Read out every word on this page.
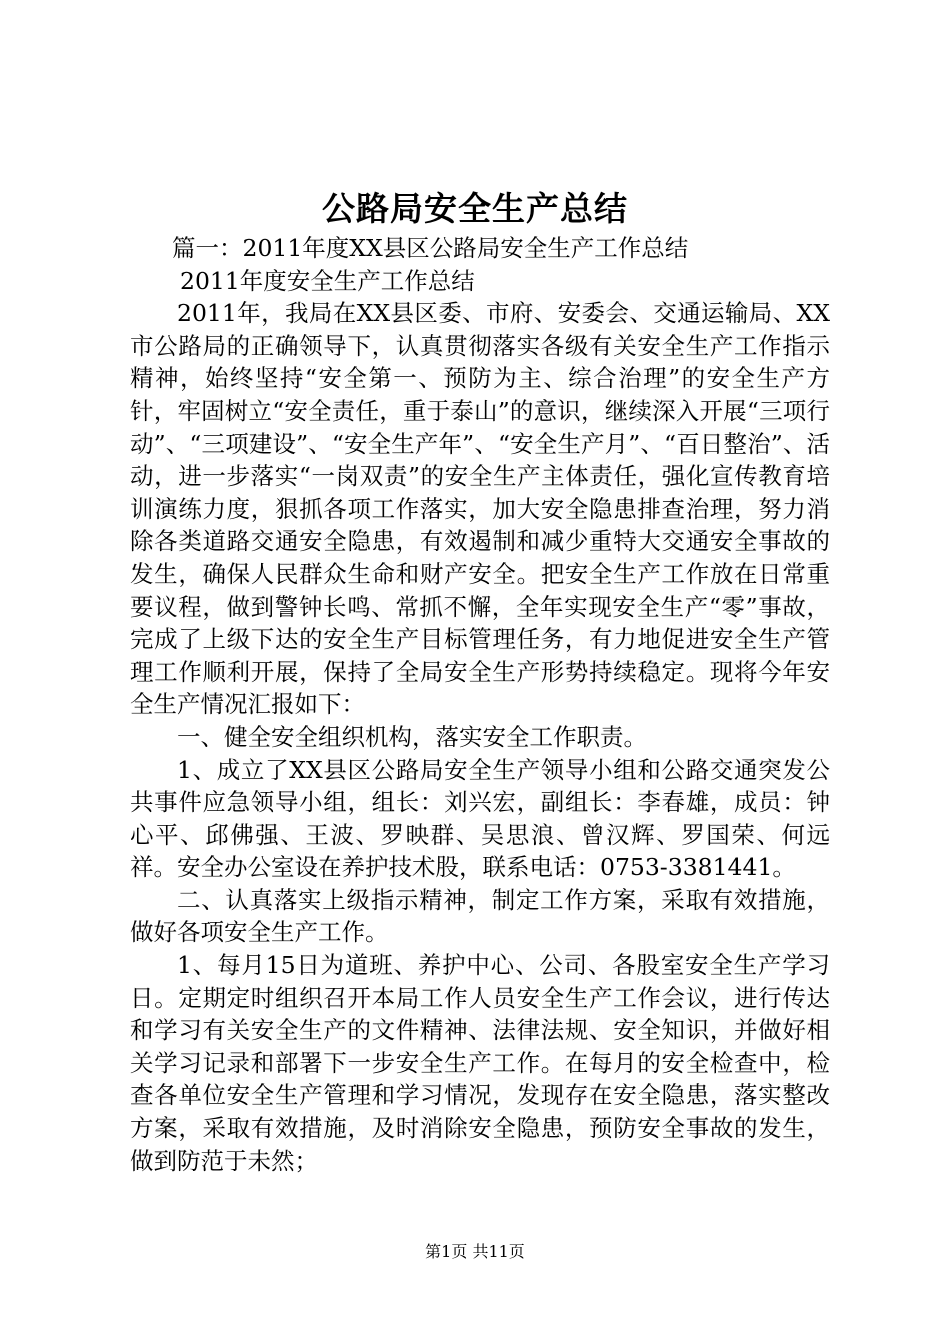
公路局安全生产总结

篇一：2011年度XX县区公路局安全生产工作总结

2011年度安全生产工作总结

2011年，我局在XX县区委、市府、安委会、交通运输局、XX市公路局的正确领导下，认真贯彻落实各级有关安全生产工作指示精神，始终坚持“安全第一、预防为主、综合治理”的安全生产方针，牢固树立“安全责任，重于泰山”的意识，继续深入开展“三项行动”、“三项建设”、“安全生产年”、“安全生产月”、“百日整治”、活动，进一步落实“一岗双责”的安全生产主体责任，强化宣传教育培训演练力度，狠抓各项工作落实，加大安全隐患排查治理，努力消除各类道路交通安全隐患，有效遏制和减少重特大交通安全事故的发生，确保人民群众生命和财产安全。把安全生产工作放在日常重要议程，做到警钟长鸣、常抓不懈，全年实现安全生产“零”事故，完成了上级下达的安全生产目标管理任务，有力地促进安全生产管理工作顺利开展，保持了全局安全生产形势持续稳定。现将今年安全生产情况汇报如下：

一、健全安全组织机构，落实安全工作职责。

1、成立了XX县区公路局安全生产领导小组和公路交通突发公共事件应急领导小组，组长：刘兴宏，副组长：李春雄，成员：钟心平、邱佛强、王波、罗映群、吴思浪、曾汉辉、罗国荣、何远祥。安全办公室设在养护技术股，联系电话：0753-3381441。

二、认真落实上级指示精神，制定工作方案，采取有效措施，做好各项安全生产工作。

1、每月15日为道班、养护中心、公司、各股室安全生产学习日。定期定时组织召开本局工作人员安全生产工作会议，进行传达和学习有关安全生产的文件精神、法律法规、安全知识，并做好相关学习记录和部署下一步安全生产工作。在每月的安全检查中，检查各单位安全生产管理和学习情况，发现存在安全隐患，落实整改方案，采取有效措施，及时消除安全隐患，预防安全事故的发生，做到防范于未然；

第1页 共11页
